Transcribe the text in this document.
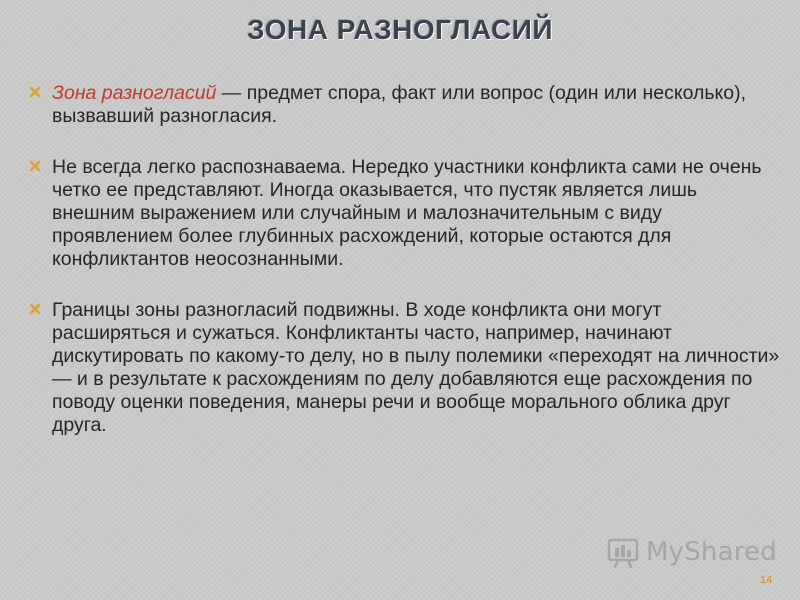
ЗОНА РАЗНОГЛАСИЙ
Зона разногласий — предмет спора, факт или вопрос (один или несколько), вызвавший разногласия.
Не всегда легко распознаваема. Нередко участники конфликта сами не очень четко ее представляют. Иногда оказывается, что пустяк является лишь внешним выражением или случайным и малозначительным с виду проявлением более глубинных расхождений, которые остаются для конфликтантов неосознанными.
Границы зоны разногласий подвижны. В ходе конфликта они могут расширяться и сужаться. Конфликтанты часто, например, начинают дискутировать по какому-то делу, но в пылу полемики «переходят на личности» — и в результате к расхождениям по делу добавляются еще расхождения по поводу оценки поведения, манеры речи и вообще морального облика друг друга.
MyShared
14
